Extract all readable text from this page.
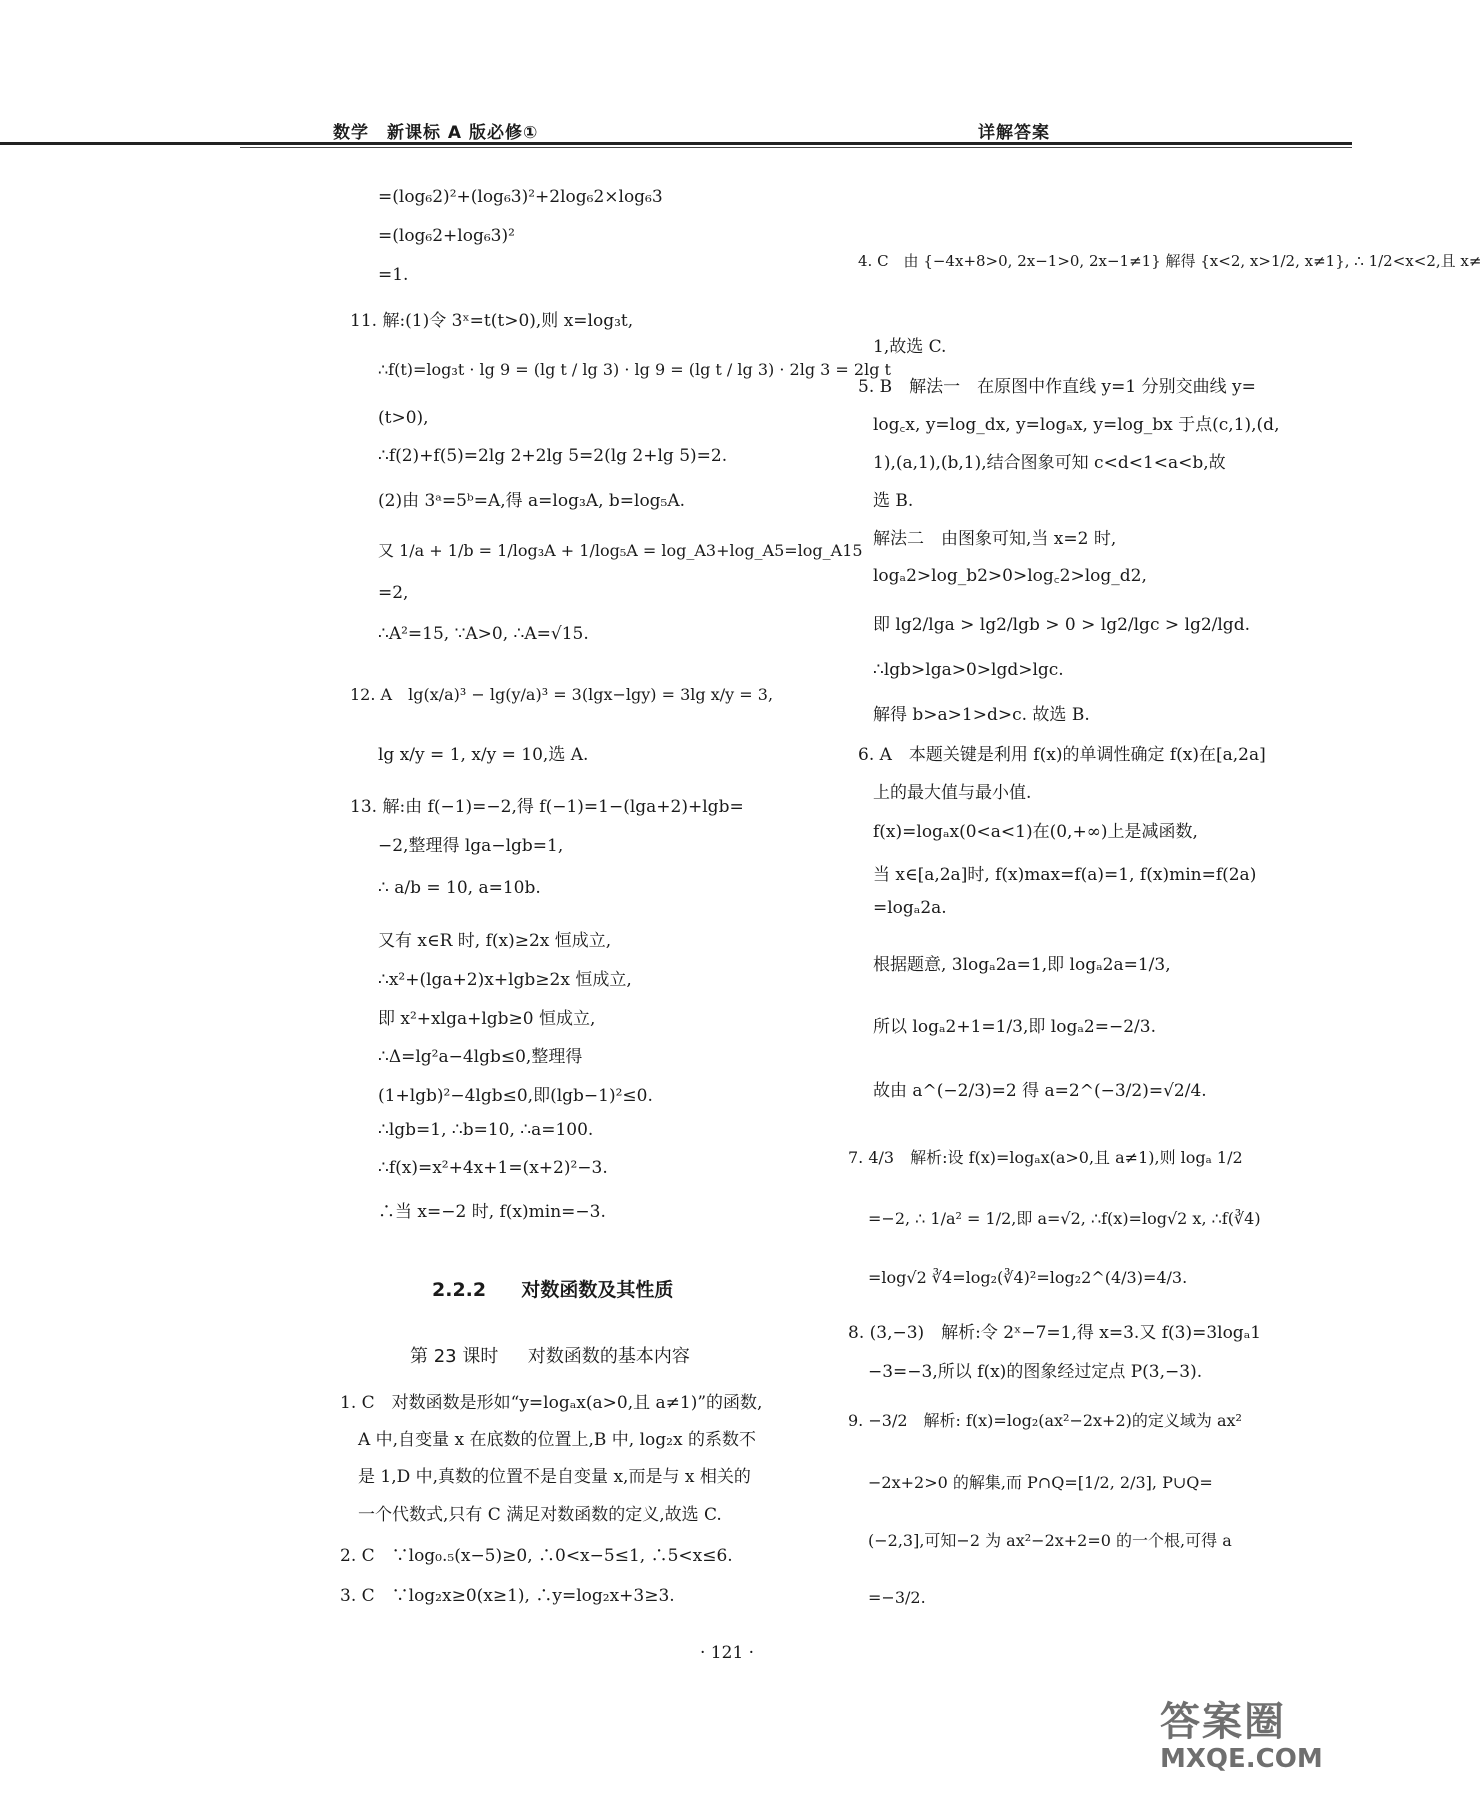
数学　新课标 A 版必修①	详解答案
=(log₆2)²+(log₆3)²+2log₆2×log₆3
=(log₆2+log₆3)²
=1.
11. 解:(1)令 3ˣ=t(t>0),则 x=log₃t,
∴f(t)=log₃t · lg 9 = (lg t / lg 3) · lg 9 = (lg t / lg 3) · 2lg 3 = 2lg t
(t>0),
∴f(2)+f(5)=2lg 2+2lg 5=2(lg 2+lg 5)=2.
(2)由 3ᵃ=5ᵇ=A,得 a=log₃A, b=log₅A.
又 1/a + 1/b = 1/log₃A + 1/log₅A = log_A3+log_A5=log_A15
=2,
∴A²=15, ∵A>0, ∴A=√15.
12. A　lg(x/a)³ − lg(y/a)³ = 3(lgx−lgy) = 3lg x/y = 3,
lg x/y = 1, x/y = 10,选 A.
13. 解:由 f(−1)=−2,得 f(−1)=1−(lga+2)+lgb=
−2,整理得 lga−lgb=1,
∴ a/b = 10, a=10b.
又有 x∈R 时, f(x)≥2x 恒成立,
∴x²+(lga+2)x+lgb≥2x 恒成立,
即 x²+xlga+lgb≥0 恒成立,
∴Δ=lg²a−4lgb≤0,整理得
(1+lgb)²−4lgb≤0,即(lgb−1)²≤0.
∴lgb=1, ∴b=10, ∴a=100.
∴f(x)=x²+4x+1=(x+2)²−3.
∴当 x=−2 时, f(x)min=−3.
2.2.2 对数函数及其性质
第 23 课时 对数函数的基本内容
1. C　对数函数是形如“y=logₐx(a>0,且 a≠1)”的函数,
A 中,自变量 x 在底数的位置上,B 中, log₂x 的系数不
是 1,D 中,真数的位置不是自变量 x,而是与 x 相关的
一个代数式,只有 C 满足对数函数的定义,故选 C.
2. C　∵log₀.₅(x−5)≥0, ∴0<x−5≤1, ∴5<x≤6.
3. C　∵log₂x≥0(x≥1), ∴y=log₂x+3≥3.
4. C　由 {−4x+8>0, 2x−1>0, 2x−1≠1} 解得 {x<2, x>1/2, x≠1}, ∴ 1/2<x<2,且 x≠
1,故选 C.
5. B　解法一　在原图中作直线 y=1 分别交曲线 y=
log꜀x, y=log_dx, y=logₐx, y=log_bx 于点(c,1),(d,
1),(a,1),(b,1),结合图象可知 c<d<1<a<b,故
选 B.
解法二　由图象可知,当 x=2 时,
logₐ2>log_b2>0>log꜀2>log_d2,
即 lg2/lga > lg2/lgb > 0 > lg2/lgc > lg2/lgd.
∴lgb>lga>0>lgd>lgc.
解得 b>a>1>d>c. 故选 B.
6. A　本题关键是利用 f(x)的单调性确定 f(x)在[a,2a]
上的最大值与最小值.
f(x)=logₐx(0<a<1)在(0,+∞)上是减函数,
当 x∈[a,2a]时, f(x)max=f(a)=1, f(x)min=f(2a)
=logₐ2a.
根据题意, 3logₐ2a=1,即 logₐ2a=1/3,
所以 logₐ2+1=1/3,即 logₐ2=−2/3.
故由 a^(−2/3)=2 得 a=2^(−3/2)=√2/4.
7. 4/3　解析:设 f(x)=logₐx(a>0,且 a≠1),则 logₐ 1/2
=−2, ∴ 1/a² = 1/2,即 a=√2, ∴f(x)=log√2 x, ∴f(∛4)
=log√2 ∛4=log₂(∛4)²=log₂2^(4/3)=4/3.
8. (3,−3)　解析:令 2ˣ−7=1,得 x=3.又 f(3)=3logₐ1
−3=−3,所以 f(x)的图象经过定点 P(3,−3).
9. −3/2　解析: f(x)=log₂(ax²−2x+2)的定义域为 ax²
−2x+2>0 的解集,而 P∩Q=[1/2, 2/3], P∪Q=
(−2,3],可知−2 为 ax²−2x+2=0 的一个根,可得 a
=−3/2.
· 121 ·
答案圈
MXQE.COM
